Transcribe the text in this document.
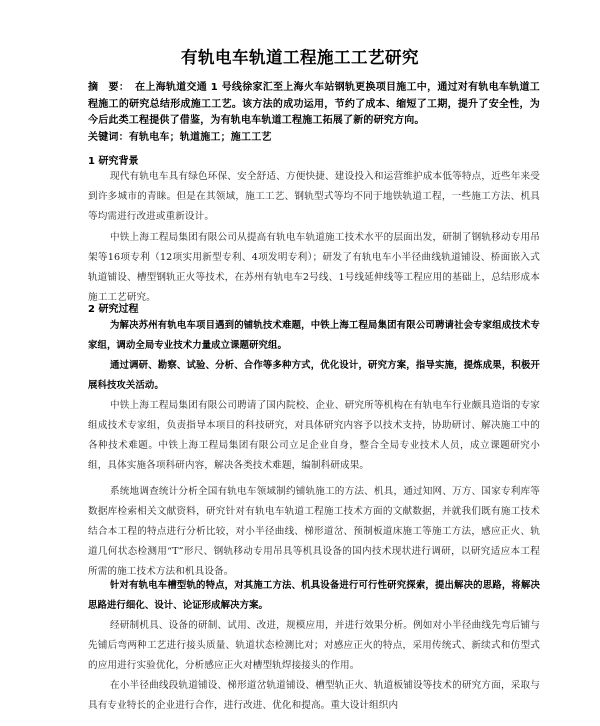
有轨电车轨道工程施工工艺研究
摘　要： 在上海轨道交通 1 号线徐家汇至上海火车站钢轨更换项目施工中，通过对有轨电车轨道工程施工的研究总结形成施工工艺。该方法的成功运用，节约了成本、缩短了工期，提升了安全性，为今后此类工程提供了借鉴，为有轨电车轨道工程施工拓展了新的研究方向。
关键词：有轨电车；轨道施工；施工工艺
1 研究背景
现代有轨电车具有绿色环保、安全舒适、方便快捷、建设投入和运营维护成本低等特点，近些年来受到许多城市的青睐。但是在其领域，施工工艺、钢轨型式等均不同于地铁轨道工程，一些施工方法、机具等均需进行改进或重新设计。
中铁上海工程局集团有限公司从提高有轨电车轨道施工技术水平的层面出发，研制了钢轨移动专用吊架等16项专利（12项实用新型专利、4项发明专利）；研发了有轨电车小半径曲线轨道铺设、桥面嵌入式轨道铺设、槽型钢轨正火等技术，在苏州有轨电车2号线、1号线延伸线等工程应用的基础上，总结形成本施工工艺研究。
2 研究过程
为解决苏州有轨电车项目遇到的铺轨技术难题，中铁上海工程局集团有限公司聘请社会专家组成技术专家组，调动全局专业技术力量成立课题研究组。
通过调研、勘察、试验、分析、合作等多种方式，优化设计，研究方案，指导实施，提炼成果，积极开展科技攻关活动。
中铁上海工程局集团有限公司聘请了国内院校、企业、研究所等机构在有轨电车行业颇具造诣的专家组成技术专家组，负责指导本项目的科技研究，对具体研究内容予以技术支持，协助研讨、解决施工中的各种技术难题。中铁上海工程局集团有限公司立足企业自身，整合全局专业技术人员，成立课题研究小组，具体实施各项科研内容，解决各类技术难题，编制科研成果。
系统地调查统计分析全国有轨电车领域制约铺轨施工的方法、机具，通过知网、万方、国家专利库等数据库检索相关文献资料，研究针对有轨电车轨道工程施工技术方面的文献数据，并就我们既有施工技术结合本工程的特点进行分析比较，对小半径曲线、梯形道岔、预制板道床施工等施工方法，感应正火、轨道几何状态检测用“T”形尺、钢轨移动专用吊具等机具设备的国内技术现状进行调研，以研究适应本工程所需的施工技术方法和机具设备。
针对有轨电车槽型轨的特点，对其施工方法、机具设备进行可行性研究探索，提出解决的思路，将解决思路进行细化、设计、论证形成解决方案。
经研制机具、设备的研制、试用、改进，规模应用，并进行效果分析。例如对小半径曲线先弯后铺与先铺后弯两种工艺进行接头质量、轨道状态检测比对；对感应正火的特点，采用传统式、新续式和仿型式的应用进行实验优化，分析感应正火对槽型轨焊接接头的作用。
在小半径曲线段轨道铺设、梯形道岔轨道铺设、槽型轨正火、轨道板铺设等技术的研究方面，采取与具有专业特长的企业进行合作，进行改进、优化和提高。重大设计组织内
